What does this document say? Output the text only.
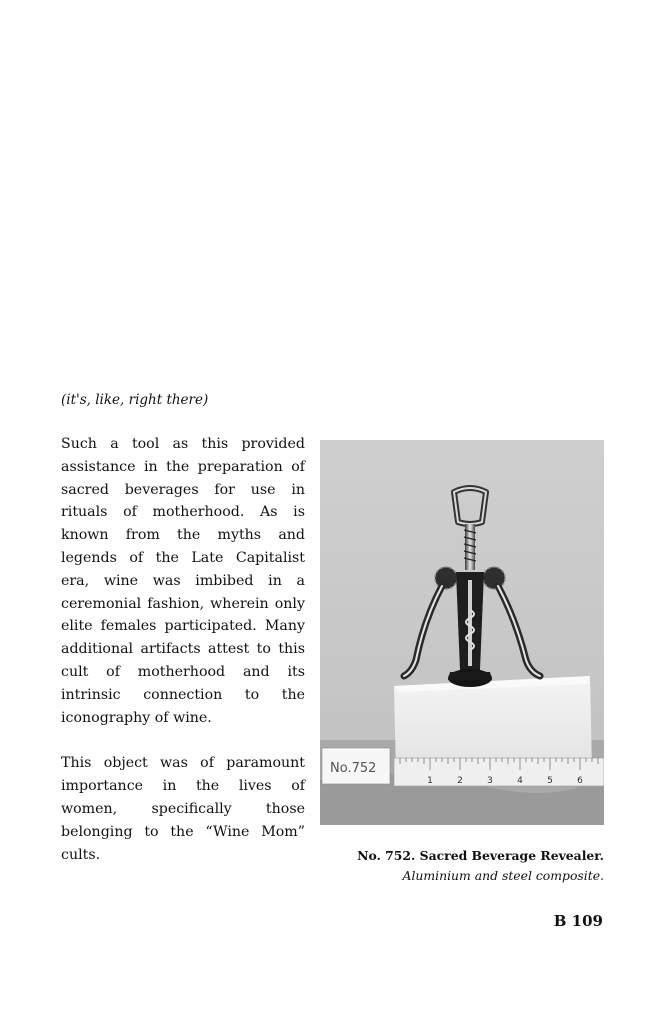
(it's, like, right there)

Such a tool as this provided assistance in the preparation of sacred beverages for use in rituals of motherhood. As is known from the myths and legends of the Late Capitalist era, wine was imbibed in a ceremonial fashion, wherein only elite females participated. Many additional artifacts attest to this cult of motherhood and its intrinsic connection to the iconography of wine.

This object was of paramount importance in the lives of women, specifically those belonging to the “Wine Mom” cults.

1	2	3	4	5	6
No.752
No. 752. Sacred Beverage Revealer.
Aluminium and steel composite.

B 109
